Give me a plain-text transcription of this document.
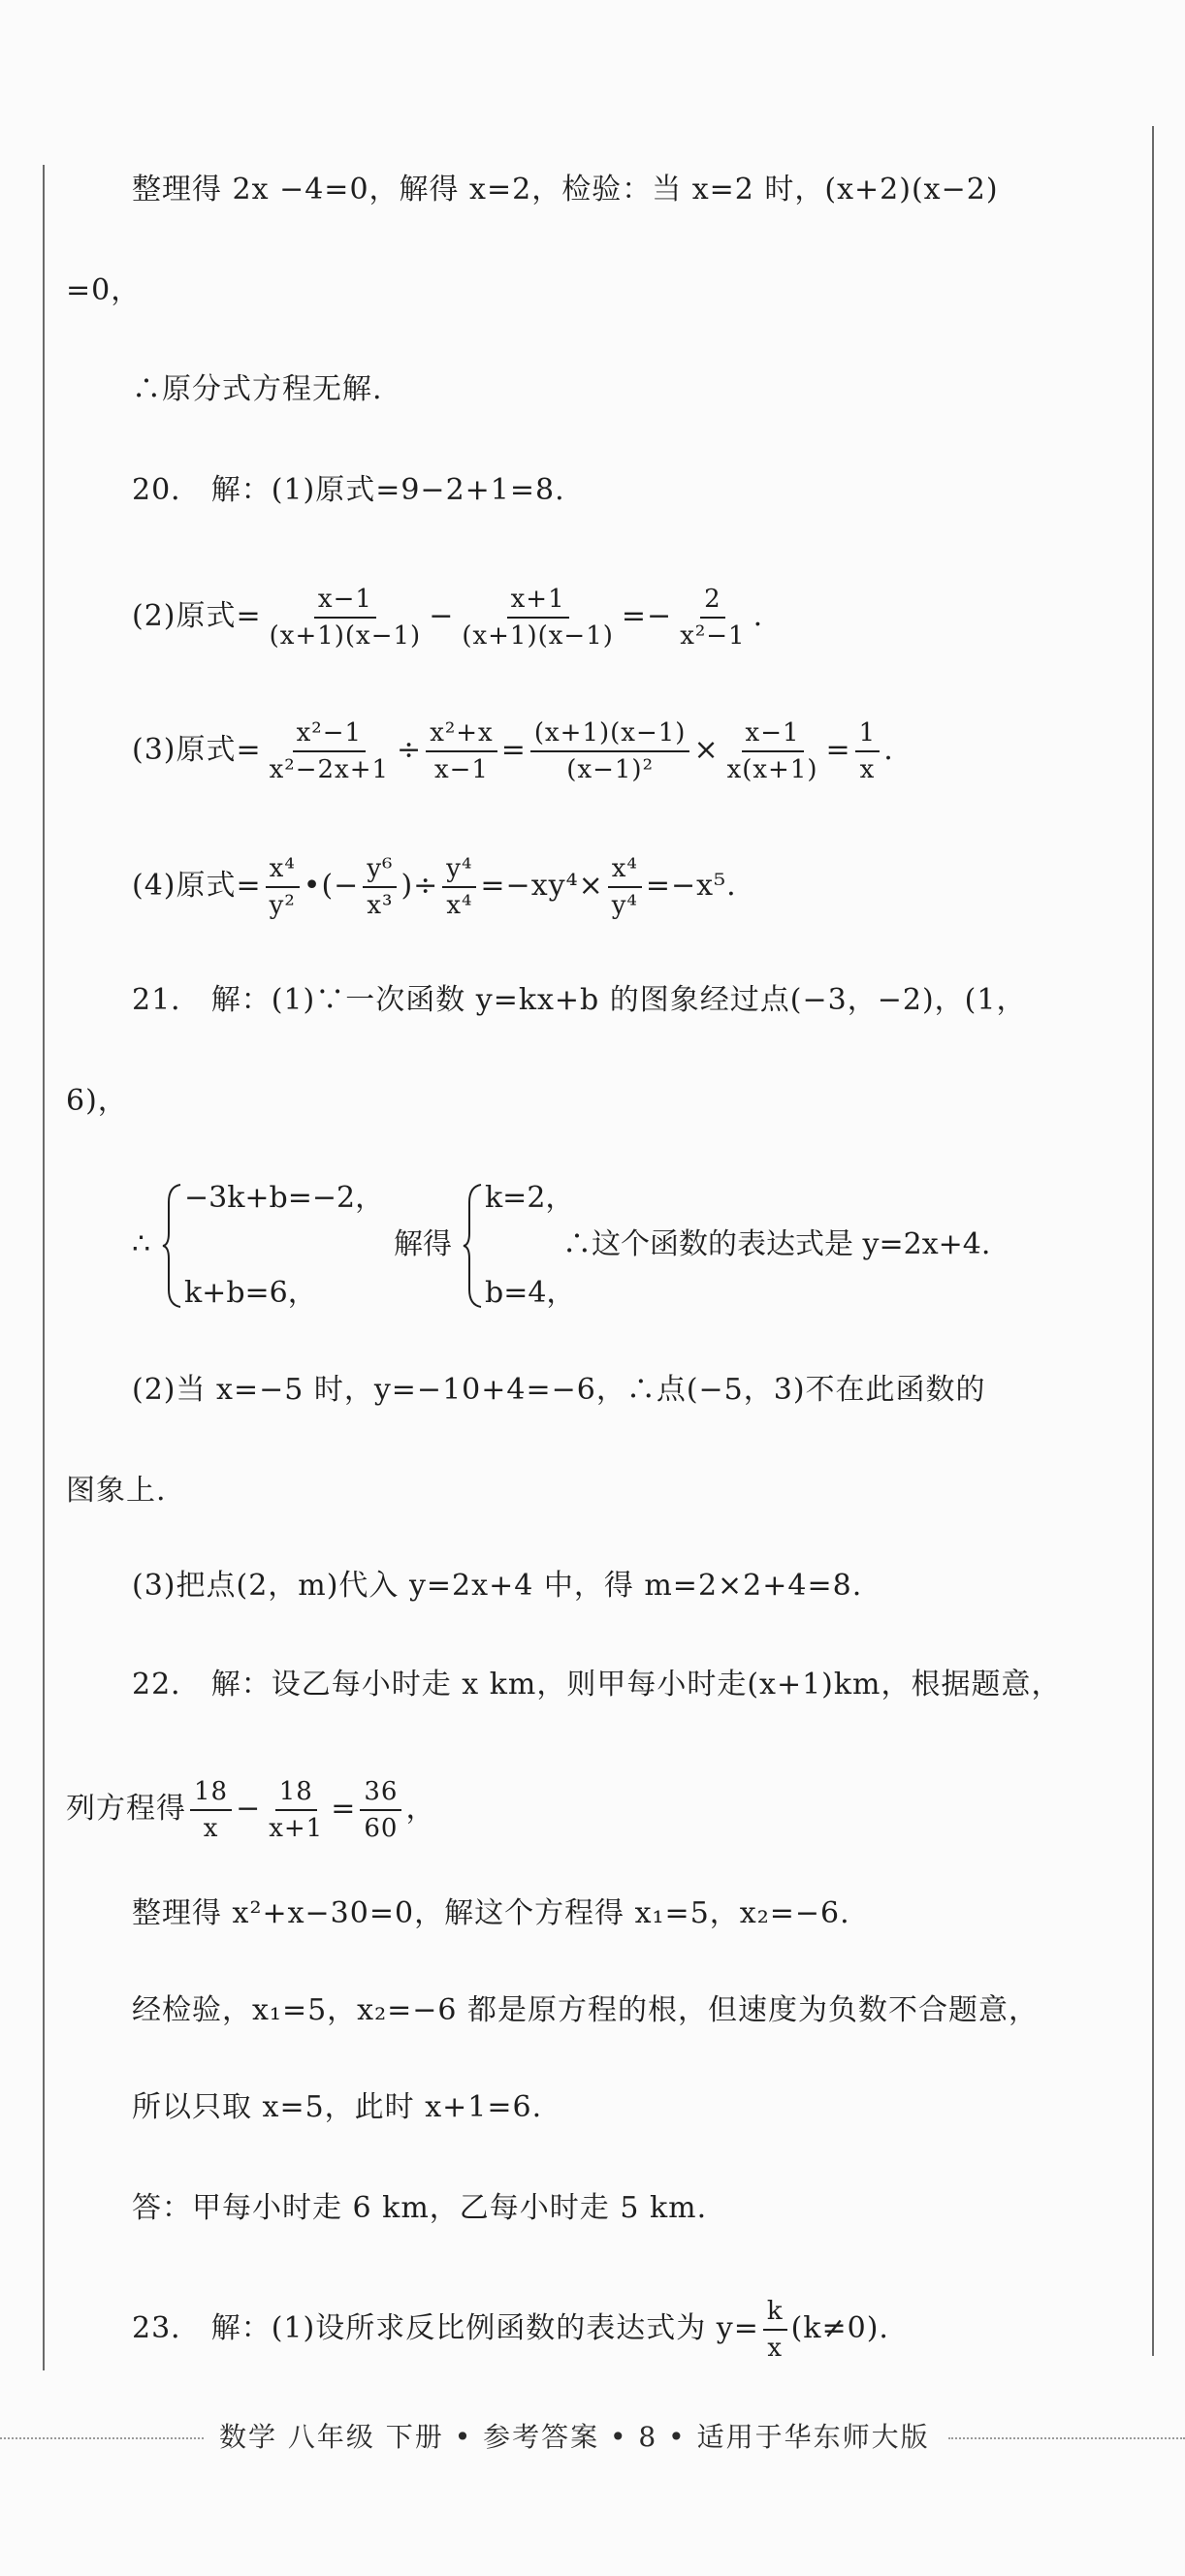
整理得 2x −4=0，解得 x=2，检验：当 x=2 时，(x+2)(x−2)
=0，
∴原分式方程无解.
20． 解：(1)原式=9−2+1=8.
(2)原式= $\frac{x-1}{(x+1)(x-1)} - \frac{x+1}{(x+1)(x-1)} =- \frac{2}{\text{x²−1}}$ .
(3)原式= $\frac{\text{x²−1}}{\text{x²−2x+1}} \div \frac{\text{x²+x}}{x-1} = \frac{(x+1)(x-1)}{\text{(x−1)²}} \times \frac{x-1}{x(x+1)} = \frac{1}{x}$ .
(4)原式= $\frac{\text{x⁴}}{\text{y²}}$ •(− $\frac{\text{y⁶}}{\text{x³}}$ )÷ $\frac{\text{y⁴}}{\text{x⁴}} =-xy^4\times \frac{\text{x⁴}}{\text{y⁴}} =-x^5$.
21． 解：(1)∵一次函数 y=kx+b 的图象经过点(−3，−2)，(1，
6)，
∴
−3k+b=−2，
k+b=6，
解得
k=2，
b=4，
∴这个函数的表达式是 y=2x+4.
(2)当 x=−5 时，y=−10+4=−6，∴点(−5，3)不在此函数的
图象上.
(3)把点(2，m)代入 y=2x+4 中，得 m=2×2+4=8.
22． 解：设乙每小时走 x km，则甲每小时走(x+1)km，根据题意，
列方程得 $\frac{18}{x} - \frac{18}{x+1} = \frac{36}{60}$ ，
整理得 x²+x−30=0，解这个方程得 x₁=5，x₂=−6.
经检验，x₁=5，x₂=−6 都是原方程的根，但速度为负数不合题意，
所以只取 x=5，此时 x+1=6.
答：甲每小时走 6 km，乙每小时走 5 km.
23． 解：(1)设所求反比例函数的表达式为 $y= \frac{k}{x} (k\ne 0)$.
数学 八年级 下册 • 参考答案 • 8 • 适用于华东师大版
